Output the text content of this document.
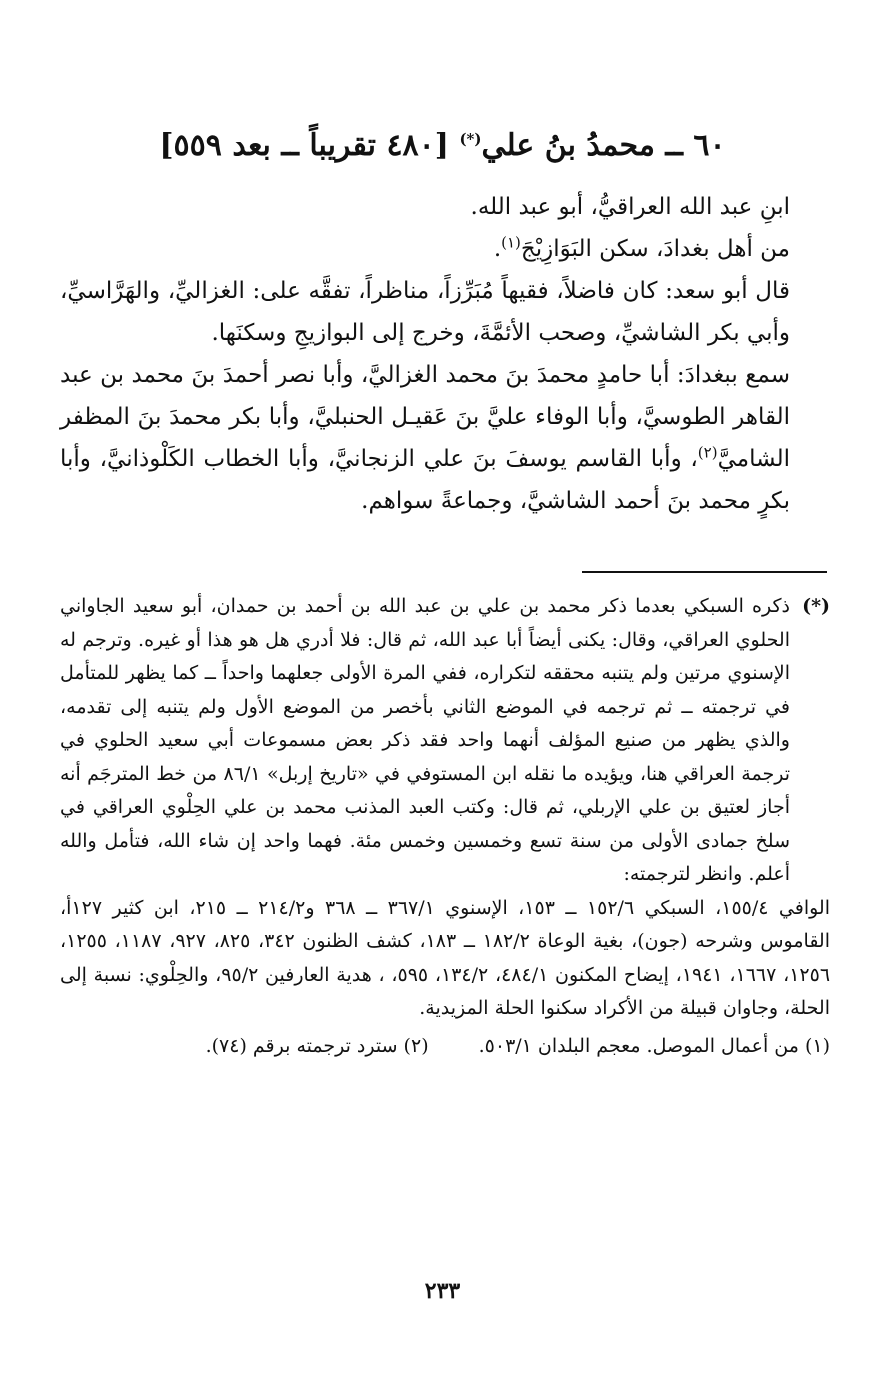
٦٠ ــ محمدُ بنُ علي(*) [٤٨٠ تقريباً ــ بعد ٥٥٩]

ابنِ عبد الله العراقيُّ، أبو عبد الله.

من أهل بغدادَ، سكن البَوَازِيْجَ$^{(١)}$.

قال أبو سعد: كان فاضلاً، فقيهاً مُبَرِّزاً، مناظراً، تفقَّه على: الغزاليِّ، والهَرَّاسيِّ، وأبي بكر الشاشيِّ، وصحب الأئمَّةَ، وخرج إلى البوازيجِ وسكنَها.

سمع ببغدادَ: أبا حامدٍ محمدَ بنَ محمد الغزاليَّ، وأبا نصر أحمدَ بنَ محمد بن عبد القاهر الطوسيَّ، وأبا الوفاء عليَّ بنَ عَقيـل الحنبليَّ، وأبا بكر محمدَ بنَ المظفر الشاميَّ$^{(٢)}$، وأبا القاسم يوسفَ بنَ علي الزنجانيَّ، وأبا الخطاب الكَلْوذانيَّ، وأبا بكرٍ محمد بنَ أحمد الشاشيَّ، وجماعةً سواهم.

(*)

ذكره السبكي بعدما ذكر محمد بن علي بن عبد الله بن أحمد بن حمدان، أبو سعيد الجاواني الحلوي العراقي، وقال: يكنى أيضاً أبا عبد الله، ثم قال: فلا أدري هل هو هذا أو غيره. وترجم له الإسنوي مرتين ولم يتنبه محققه لتكراره، ففي المرة الأولى جعلهما واحداً ــ كما يظهر للمتأمل في ترجمته ــ ثم ترجمه في الموضع الثاني بأخصر من الموضع الأول ولم يتنبه إلى تقدمه، والذي يظهر من صنيع المؤلف أنهما واحد فقد ذكر بعض مسموعات أبي سعيد الحلوي في ترجمة العراقي هنا، ويؤيده ما نقله ابن المستوفي في «تاريخ إربل» ٨٦/١ من خط المترجَم أنه أجاز لعتيق بن علي الإربلي، ثم قال: وكتب العبد المذنب محمد بن علي الحِلْوي العراقي في سلخ جمادى الأولى من سنة تسع وخمسين وخمس مئة. فهما واحد إن شاء الله، فتأمل والله أعلم. وانظر لترجمته:

الوافي ١٥٥/٤، السبكي ١٥٢/٦ ــ ١٥٣، الإسنوي ٣٦٧/١ ــ ٣٦٨ و٢١٤/٢ ــ ٢١٥، ابن كثير ١٢٧أ، القاموس وشرحه (جون)، بغية الوعاة ١٨٢/٢ ــ ١٨٣، كشف الظنون ٣٤٢، ٨٢٥، ٩٢٧، ١١٨٧، ١٢٥٥، ١٢٥٦، ١٦٦٧، ١٩٤١، إيضاح المكنون ٤٨٤/١، ١٣٤/٢، ٥٩٥، ، هدية العارفين ٩٥/٢، والحِلْوي: نسبة إلى الحلة، وجاوان قبيلة من الأكراد سكنوا الحلة المزيدية.

(١) من أعمال الموصل. معجم البلدان ٥٠٣/١.
(٢) سترد ترجمته برقم (٧٤).
٢٣٣
